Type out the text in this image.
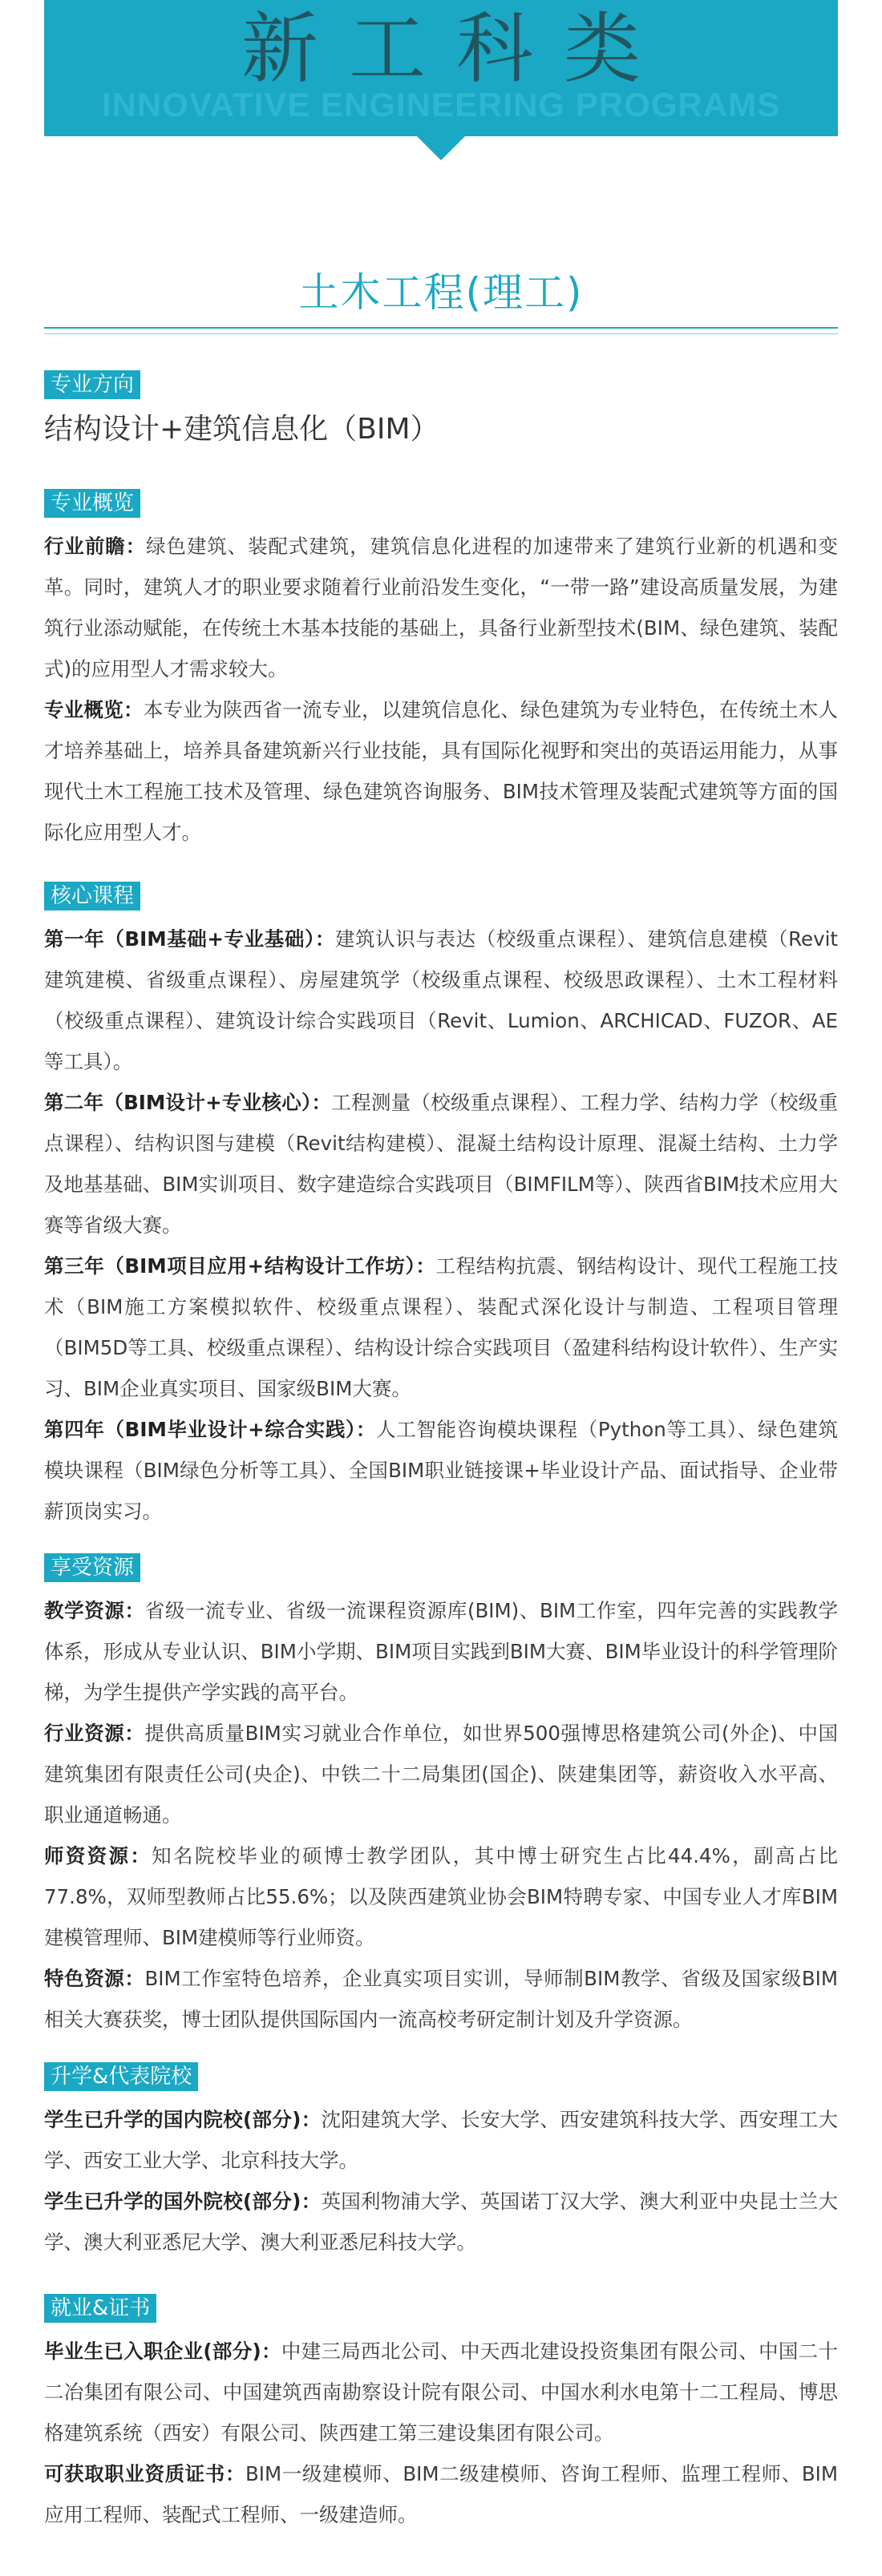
新工科类
INNOVATIVE ENGINEERING PROGRAMS
土木工程(理工)
专业方向
结构设计+建筑信息化（BIM）
专业概览

行业前瞻：绿色建筑、装配式建筑，建筑信息化进程的加速带来了建筑行业新的机遇和变革。同时，建筑人才的职业要求随着行业前沿发生变化，“一带一路”建设高质量发展，为建筑行业添动赋能，在传统土木基本技能的基础上，具备行业新型技术(BIM、绿色建筑、装配式)的应用型人才需求较大。

专业概览：本专业为陕西省一流专业，以建筑信息化、绿色建筑为专业特色，在传统土木人才培养基础上，培养具备建筑新兴行业技能，具有国际化视野和突出的英语运用能力，从事现代土木工程施工技术及管理、绿色建筑咨询服务、BIM技术管理及装配式建筑等方面的国际化应用型人才。

核心课程

第一年（BIM基础+专业基础）：建筑认识与表达（校级重点课程）、建筑信息建模（Revit建筑建模、省级重点课程）、房屋建筑学（校级重点课程、校级思政课程）、土木工程材料（校级重点课程）、建筑设计综合实践项目（Revit、Lumion、ARCHICAD、FUZOR、AE等工具）。

第二年（BIM设计+专业核心）：工程测量（校级重点课程）、工程力学、结构力学（校级重点课程）、结构识图与建模（Revit结构建模）、混凝土结构设计原理、混凝土结构、土力学及地基基础、BIM实训项目、数字建造综合实践项目（BIMFILM等）、陕西省BIM技术应用大赛等省级大赛。

第三年（BIM项目应用+结构设计工作坊）：工程结构抗震、钢结构设计、现代工程施工技术（BIM施工方案模拟软件、校级重点课程）、装配式深化设计与制造、工程项目管理（BIM5D等工具、校级重点课程）、结构设计综合实践项目（盈建科结构设计软件）、生产实习、BIM企业真实项目、国家级BIM大赛。

第四年（BIM毕业设计+综合实践）：人工智能咨询模块课程（Python等工具）、绿色建筑模块课程（BIM绿色分析等工具）、全国BIM职业链接课+毕业设计产品、面试指导、企业带薪顶岗实习。

享受资源

教学资源：省级一流专业、省级一流课程资源库(BIM)、BIM工作室，四年完善的实践教学体系，形成从专业认识、BIM小学期、BIM项目实践到BIM大赛、BIM毕业设计的科学管理阶梯，为学生提供产学实践的高平台。

行业资源：提供高质量BIM实习就业合作单位，如世界500强博思格建筑公司(外企)、中国建筑集团有限责任公司(央企)、中铁二十二局集团(国企)、陕建集团等，薪资收入水平高、职业通道畅通。

师资资源：知名院校毕业的硕博士教学团队，其中博士研究生占比44.4%，副高占比77.8%，双师型教师占比55.6%；以及陕西建筑业协会BIM特聘专家、中国专业人才库BIM建模管理师、BIM建模师等行业师资。

特色资源：BIM工作室特色培养，企业真实项目实训，导师制BIM教学、省级及国家级BIM相关大赛获奖，博士团队提供国际国内一流高校考研定制计划及升学资源。

升学&代表院校

学生已升学的国内院校(部分)：沈阳建筑大学、长安大学、西安建筑科技大学、西安理工大学、西安工业大学、北京科技大学。

学生已升学的国外院校(部分)：英国利物浦大学、英国诺丁汉大学、澳大利亚中央昆士兰大学、澳大利亚悉尼大学、澳大利亚悉尼科技大学。

就业&证书

毕业生已入职企业(部分)：中建三局西北公司、中天西北建设投资集团有限公司、中国二十二冶集团有限公司、中国建筑西南勘察设计院有限公司、中国水利水电第十二工程局、博思格建筑系统（西安）有限公司、陕西建工第三建设集团有限公司。

可获取职业资质证书：BIM一级建模师、BIM二级建模师、咨询工程师、监理工程师、BIM应用工程师、装配式工程师、一级建造师。
